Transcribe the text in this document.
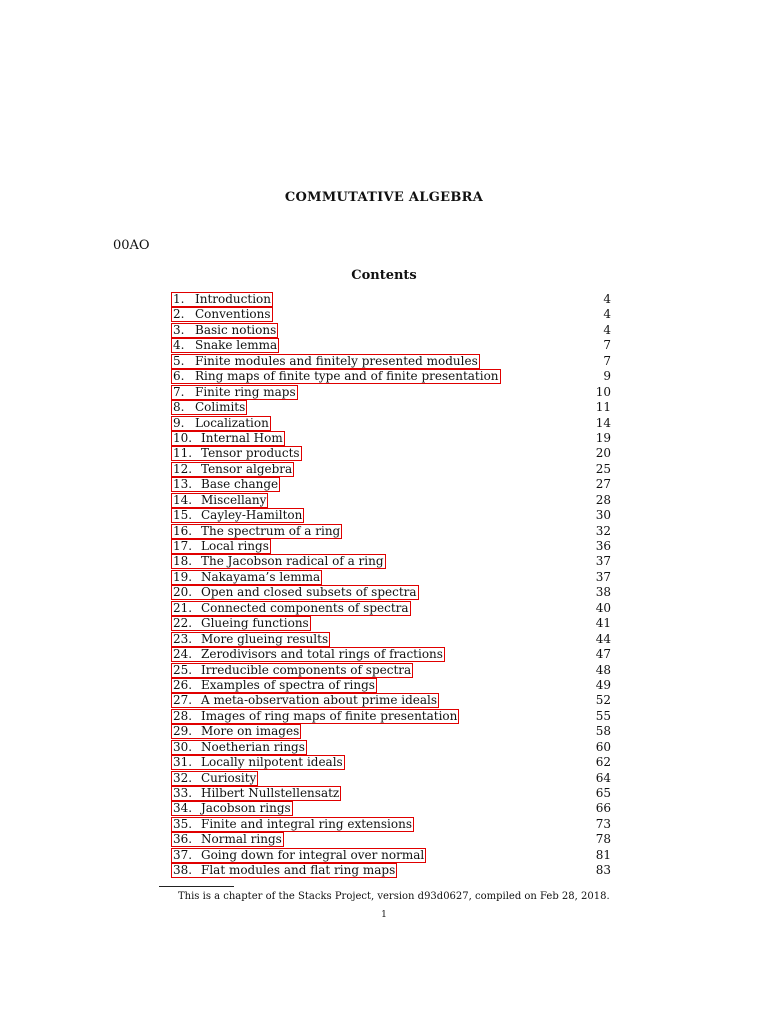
COMMUTATIVE ALGEBRA
00AO
Contents
1. Introduction	4
2. Conventions	4
3. Basic notions	4
4. Snake lemma	7
5. Finite modules and finitely presented modules	7
6. Ring maps of finite type and of finite presentation	9
7. Finite ring maps	10
8. Colimits	11
9. Localization	14
10. Internal Hom	19
11. Tensor products	20
12. Tensor algebra	25
13. Base change	27
14. Miscellany	28
15. Cayley-Hamilton	30
16. The spectrum of a ring	32
17. Local rings	36
18. The Jacobson radical of a ring	37
19. Nakayama’s lemma	37
20. Open and closed subsets of spectra	38
21. Connected components of spectra	40
22. Glueing functions	41
23. More glueing results	44
24. Zerodivisors and total rings of fractions	47
25. Irreducible components of spectra	48
26. Examples of spectra of rings	49
27. A meta-observation about prime ideals	52
28. Images of ring maps of finite presentation	55
29. More on images	58
30. Noetherian rings	60
31. Locally nilpotent ideals	62
32. Curiosity	64
33. Hilbert Nullstellensatz	65
34. Jacobson rings	66
35. Finite and integral ring extensions	73
36. Normal rings	78
37. Going down for integral over normal	81
38. Flat modules and flat ring maps	83
This is a chapter of the Stacks Project, version d93d0627, compiled on Feb 28, 2018.
1
